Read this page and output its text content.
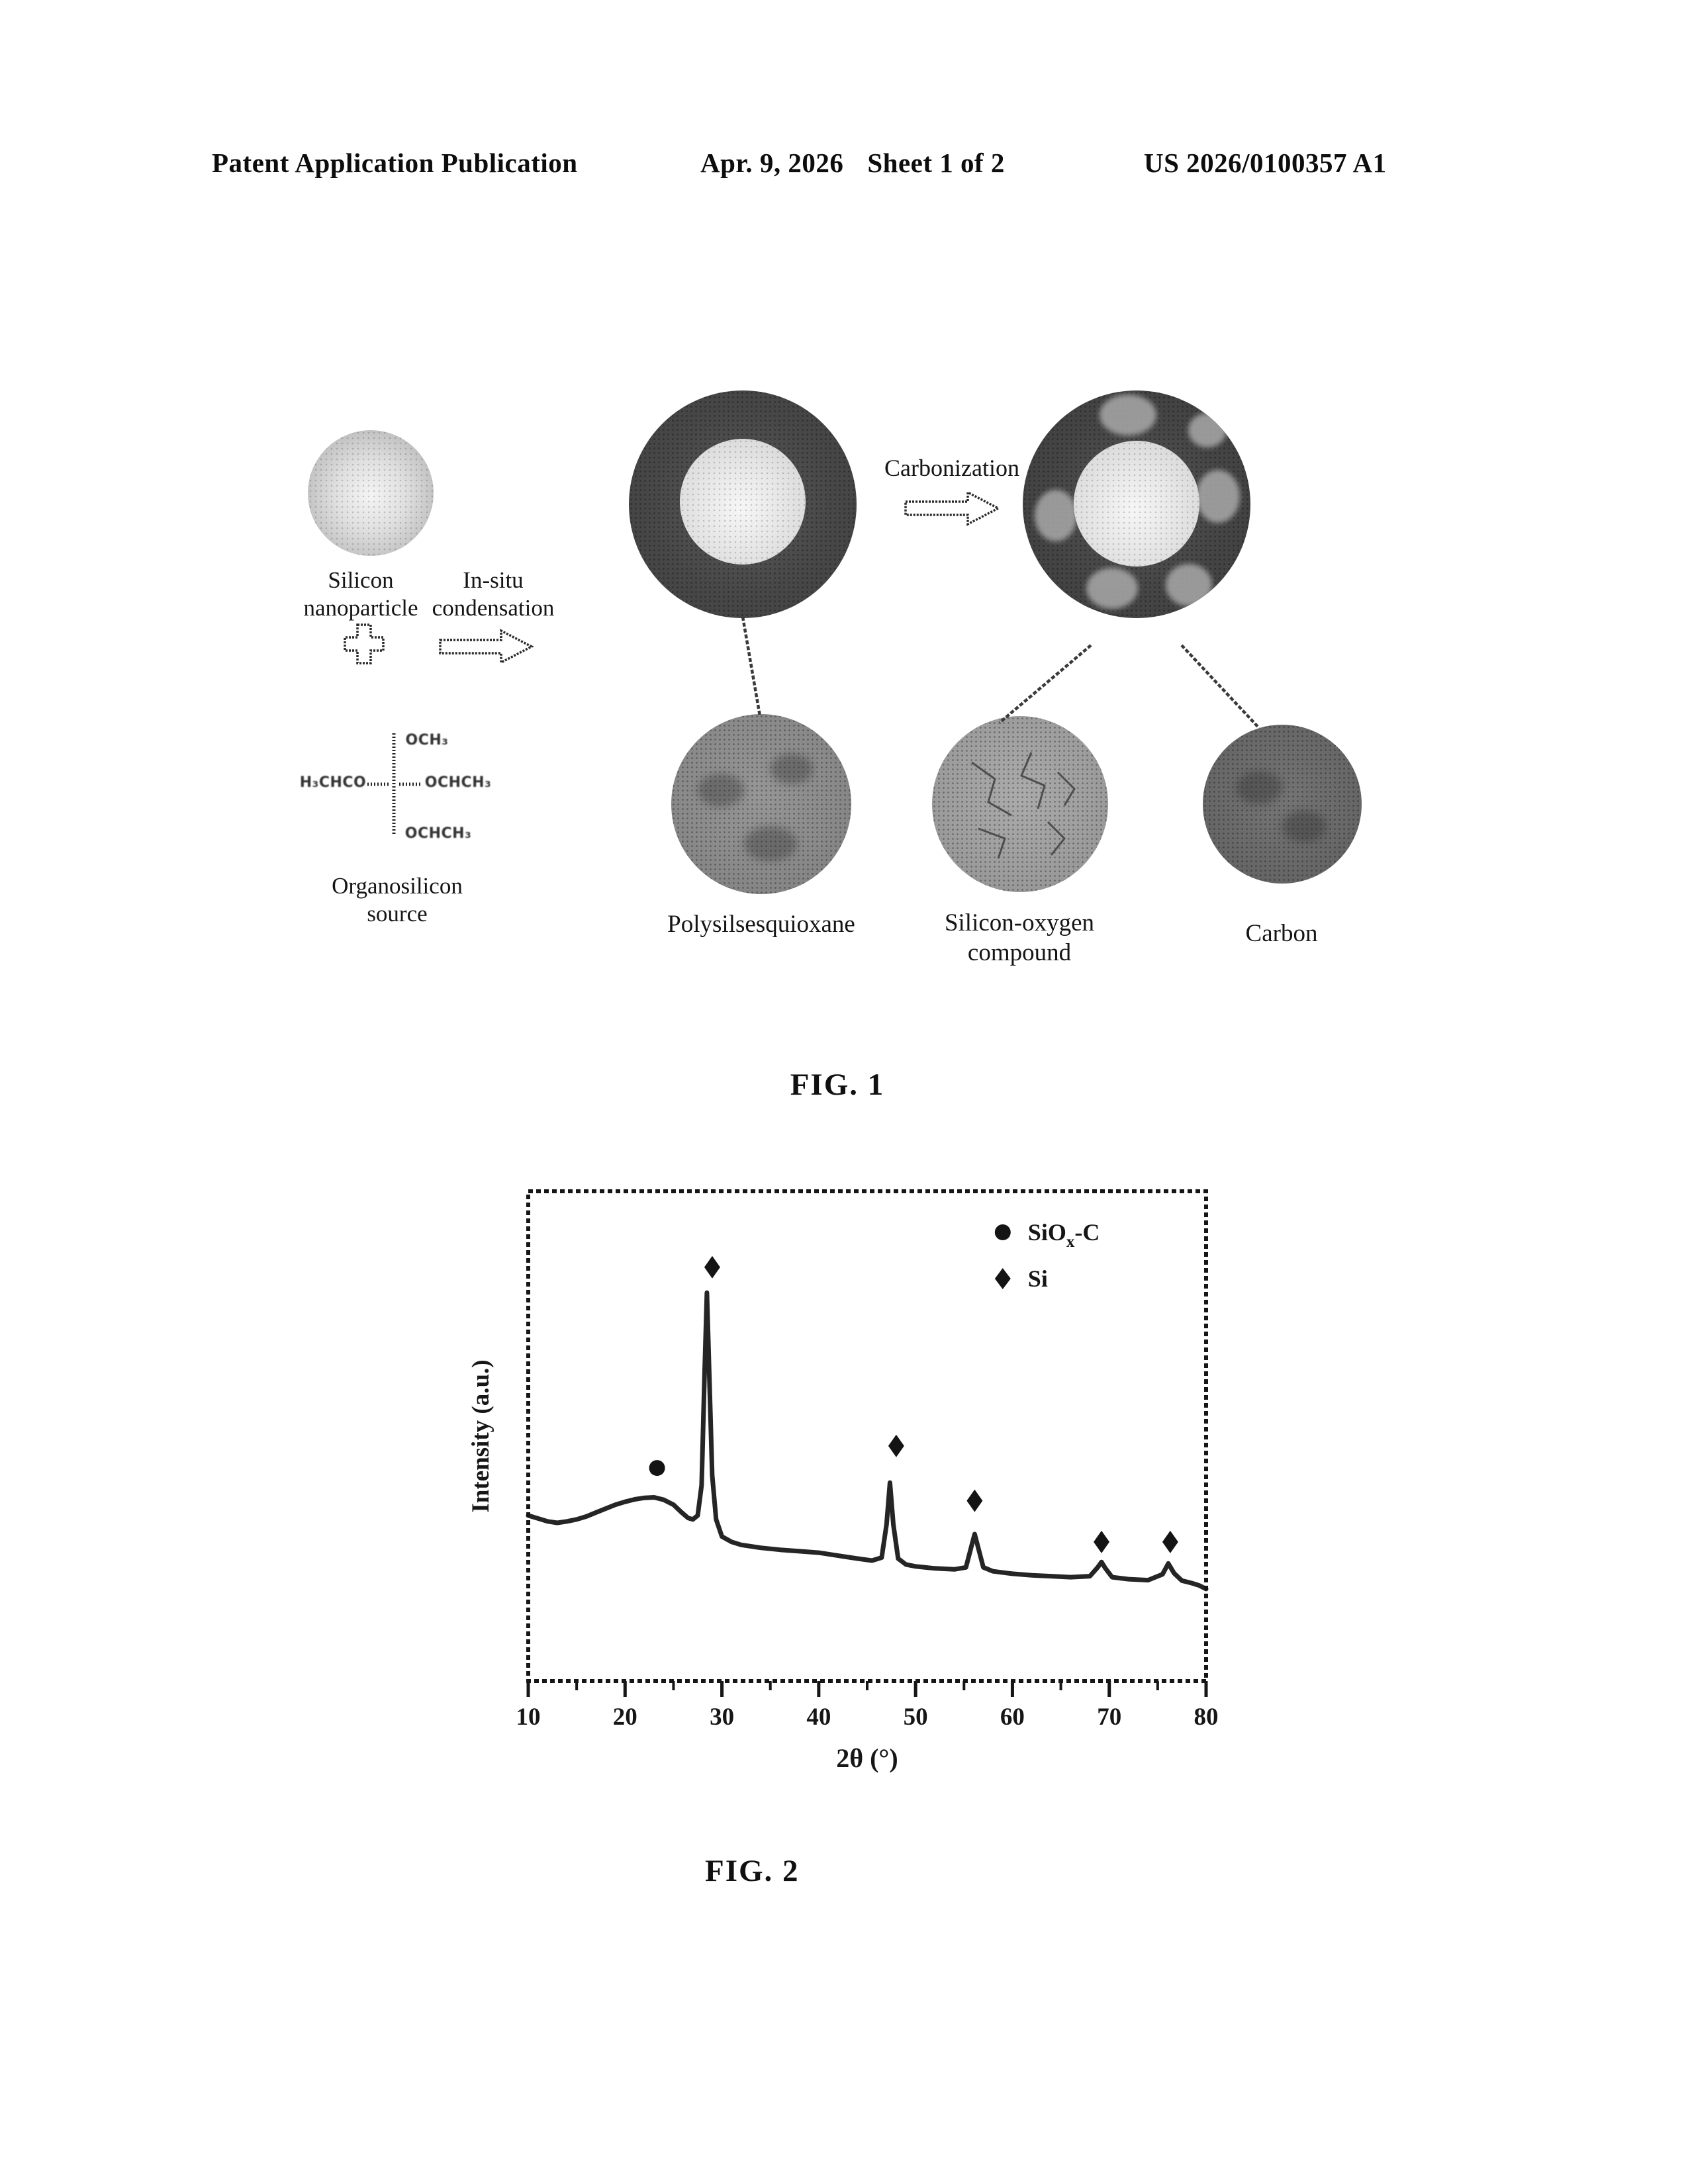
Patent Application Publication	Apr. 9, 2026 Sheet 1 of 2	US 2026/0100357 A1
Silicon
nanoparticle
In-situ
condensation
Carbonization
OCH₃
H₃CHCO	OCHCH₃
OCHCH₃
Organosilicon
source	Polysilsesquioxane	Silicon-oxygen
compound
Carbon
FIG. 1
10	20	30	40	50	60	70	80
2θ (°)
Intensity (a.u.)
SiO$_x$-C
Si
FIG. 2
